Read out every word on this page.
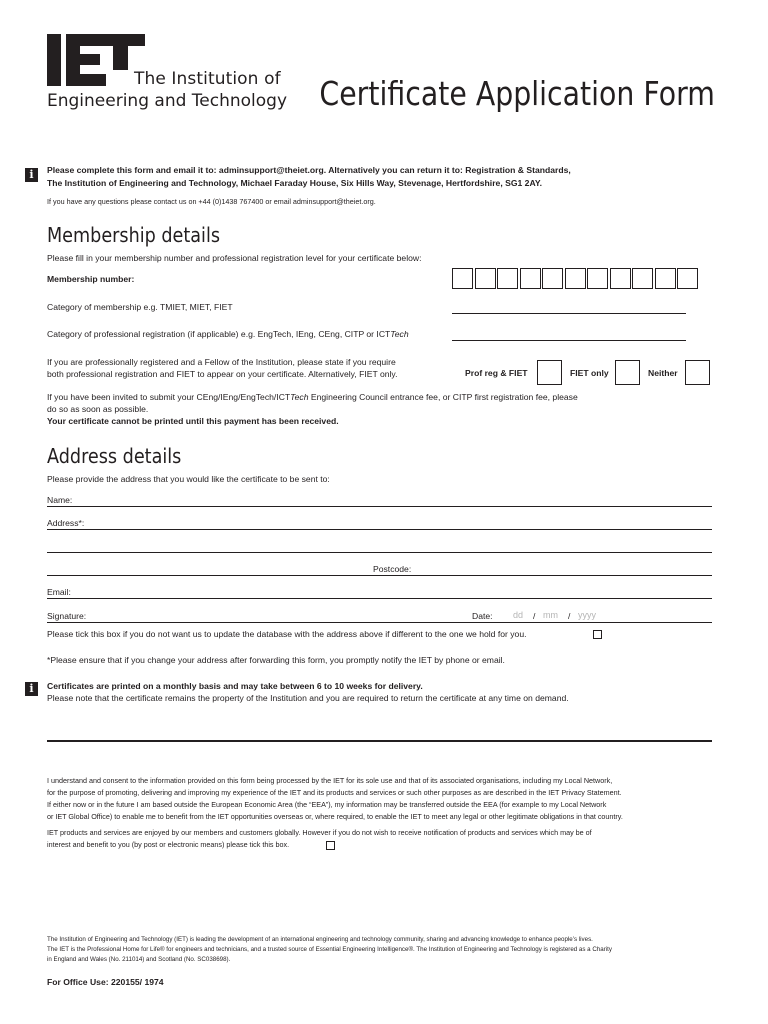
The Institution of
Engineering and Technology Certificate Application Form
i	Please complete this form and email it to: adminsupport@theiet.org. Alternatively you can return it to: Registration & Standards,
The Institution of Engineering and Technology, Michael Faraday House, Six Hills Way, Stevenage, Hertfordshire, SG1 2AY.
If you have any questions please contact us on +44 (0)1438 767400 or email adminsupport@theiet.org.
Membership details
Please fill in your membership number and professional registration level for your certificate below:
Membership number:
Category of membership e.g. TMIET, MIET, FIET
Category of professional registration (if applicable) e.g. EngTech, IEng, CEng, CITP or ICTTech
If you are professionally registered and a Fellow of the Institution, please state if you require
both professional registration and FIET to appear on your certificate. Alternatively, FIET only.	Prof reg & FIET	FIET only	Neither
If you have been invited to submit your CEng/IEng/EngTech/ICTTech Engineering Council entrance fee, or CITP first registration fee, please
do so as soon as possible.
Your certificate cannot be printed until this payment has been received.
Address details
Please provide the address that you would like the certificate to be sent to:
Name:
Address*:
Postcode:
Email:
Signature:	Date: dd / mm / yyyy
Please tick this box if you do not want us to update the database with the address above if different to the one we hold for you.
*Please ensure that if you change your address after forwarding this form, you promptly notify the IET by phone or email.
i	Certificates are printed on a monthly basis and may take between 6 to 10 weeks for delivery.
Please note that the certificate remains the property of the Institution and you are required to return the certificate at any time on demand.
I understand and consent to the information provided on this form being processed by the IET for its sole use and that of its associated organisations, including my Local Network,
for the purpose of promoting, delivering and improving my experience of the IET and its products and services or such other purposes as are described in the IET Privacy Statement.
If either now or in the future I am based outside the European Economic Area (the “EEA”), my information may be transferred outside the EEA (for example to my Local Network
or IET Global Office) to enable me to benefit from the IET opportunities overseas or, where required, to enable the IET to meet any legal or other legitimate obligations in that country.
IET products and services are enjoyed by our members and customers globally. However if you do not wish to receive notification of products and services which may be of
interest and benefit to you (by post or electronic means) please tick this box.
The Institution of Engineering and Technology (IET) is leading the development of an international engineering and technology community, sharing and advancing knowledge to enhance people’s lives.
The IET is the Professional Home for Life® for engineers and technicians, and a trusted source of Essential Engineering Intelligence®. The Institution of Engineering and Technology is registered as a Charity
in England and Wales (No. 211014) and Scotland (No. SC038698).
For Office Use: 220155/ 1974
